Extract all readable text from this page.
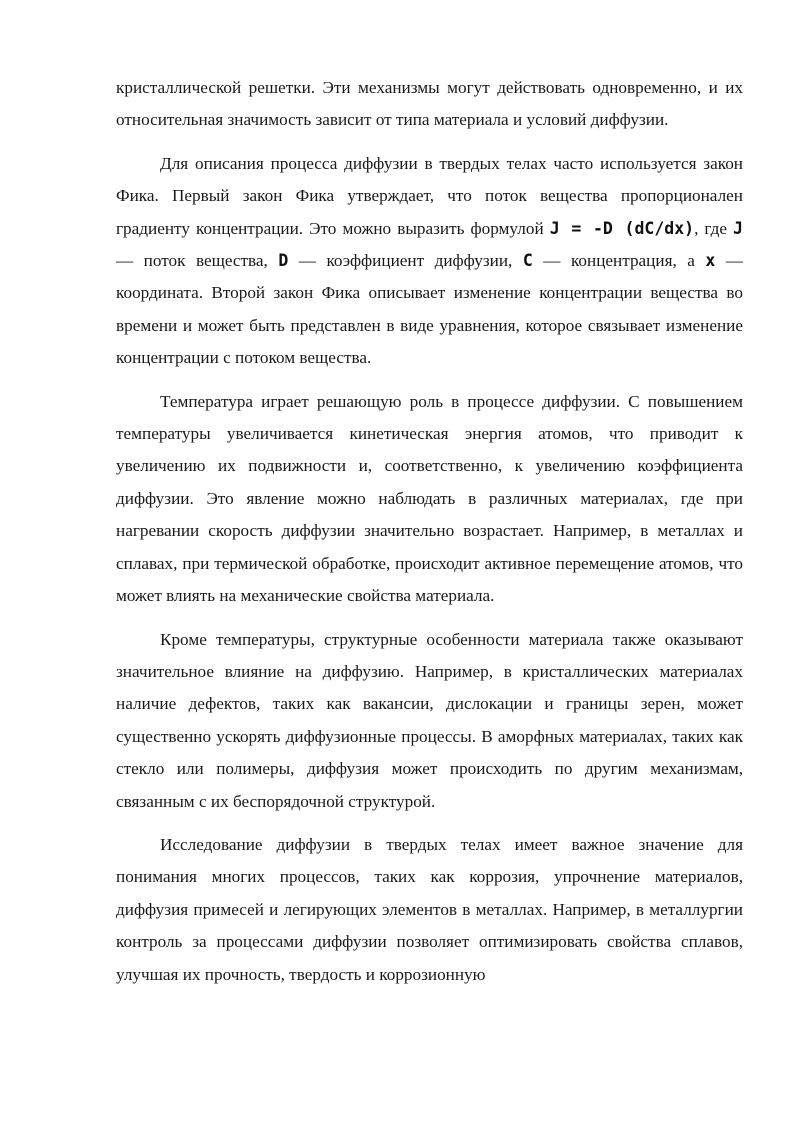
кристаллической решетки. Эти механизмы могут действовать одновременно, и их относительная значимость зависит от типа материала и условий диффузии.

Для описания процесса диффузии в твердых телах часто используется закон Фика. Первый закон Фика утверждает, что поток вещества пропорционален градиенту концентрации. Это можно выразить формулой J = -D (dC/dx), где J — поток вещества, D — коэффициент диффузии, C — концентрация, а x — координата. Второй закон Фика описывает изменение концентрации вещества во времени и может быть представлен в виде уравнения, которое связывает изменение концентрации с потоком вещества.

Температура играет решающую роль в процессе диффузии. С повышением температуры увеличивается кинетическая энергия атомов, что приводит к увеличению их подвижности и, соответственно, к увеличению коэффициента диффузии. Это явление можно наблюдать в различных материалах, где при нагревании скорость диффузии значительно возрастает. Например, в металлах и сплавах, при термической обработке, происходит активное перемещение атомов, что может влиять на механические свойства материала.

Кроме температуры, структурные особенности материала также оказывают значительное влияние на диффузию. Например, в кристаллических материалах наличие дефектов, таких как вакансии, дислокации и границы зерен, может существенно ускорять диффузионные процессы. В аморфных материалах, таких как стекло или полимеры, диффузия может происходить по другим механизмам, связанным с их беспорядочной структурой.

Исследование диффузии в твердых телах имеет важное значение для понимания многих процессов, таких как коррозия, упрочнение материалов, диффузия примесей и легирующих элементов в металлах. Например, в металлургии контроль за процессами диффузии позволяет оптимизировать свойства сплавов, улучшая их прочность, твердость и коррозионную
